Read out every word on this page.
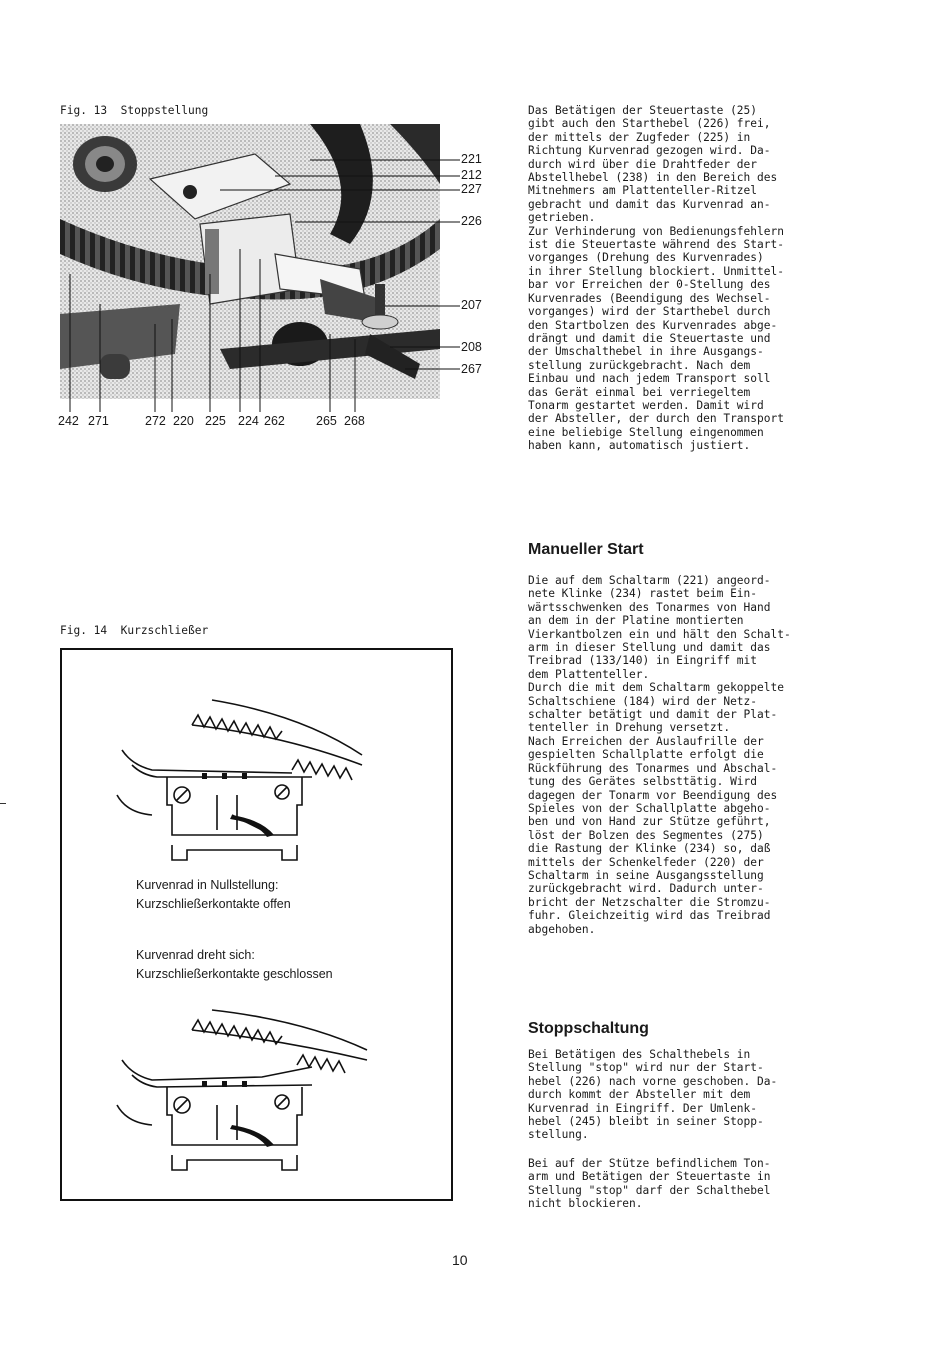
Fig. 13  Stoppstellung
221
212
227
226
207
208
267
242 271	272 220 225 224 262 265 268
Das Betätigen der Steuertaste (25)
gibt auch den Starthebel (226) frei,
der mittels der Zugfeder (225) in
Richtung Kurvenrad gezogen wird. Da-
durch wird über die Drahtfeder der
Abstellhebel (238) in den Bereich des
Mitnehmers am Plattenteller-Ritzel
gebracht und damit das Kurvenrad an-
getrieben.
Zur Verhinderung von Bedienungsfehlern
ist die Steuertaste während des Start-
vorganges (Drehung des Kurvenrades)
in ihrer Stellung blockiert. Unmittel-
bar vor Erreichen der 0-Stellung des
Kurvenrades (Beendigung des Wechsel-
vorganges) wird der Starthebel durch
den Startbolzen des Kurvenrades abge-
drängt und damit die Steuertaste und
der Umschalthebel in ihre Ausgangs-
stellung zurückgebracht. Nach dem
Einbau und nach jedem Transport soll
das Gerät einmal bei verriegeltem
Tonarm gestartet werden. Damit wird
der Absteller, der durch den Transport
eine beliebige Stellung eingenommen
haben kann, automatisch justiert.
Manueller Start
Die auf dem Schaltarm (221) angeord-
nete Klinke (234) rastet beim Ein-
wärtsschwenken des Tonarmes von Hand
an dem in der Platine montierten
Vierkantbolzen ein und hält den Schalt-
arm in dieser Stellung und damit das
Treibrad (133/140) in Eingriff mit
dem Plattenteller.
Durch die mit dem Schaltarm gekoppelte
Schaltschiene (184) wird der Netz-
schalter betätigt und damit der Plat-
tenteller in Drehung versetzt.
Nach Erreichen der Auslaufrille der
gespielten Schallplatte erfolgt die
Rückführung des Tonarmes und Abschal-
tung des Gerätes selbsttätig. Wird
dagegen der Tonarm vor Beendigung des
Spieles von der Schallplatte abgeho-
ben und von Hand zur Stütze geführt,
löst der Bolzen des Segmentes (275)
die Rastung der Klinke (234) so, daß
mittels der Schenkelfeder (220) der
Schaltarm in seine Ausgangsstellung
zurückgebracht wird. Dadurch unter-
bricht der Netzschalter die Stromzu-
fuhr. Gleichzeitig wird das Treibrad
abgehoben.
Stoppschaltung
Bei Betätigen des Schalthebels in
Stellung "stop" wird nur der Start-
hebel (226) nach vorne geschoben. Da-
durch kommt der Absteller mit dem
Kurvenrad in Eingriff. Der Umlenk-
hebel (245) bleibt in seiner Stopp-
stellung.
Bei auf der Stütze befindlichem Ton-
arm und Betätigen der Steuertaste in
Stellung "stop" darf der Schalthebel
nicht blockieren.
Fig. 14  Kurzschließer
Kurvenrad in Nullstellung:
Kurzschließerkontakte offen
Kurvenrad dreht sich:
Kurzschließerkontakte geschlossen
10
